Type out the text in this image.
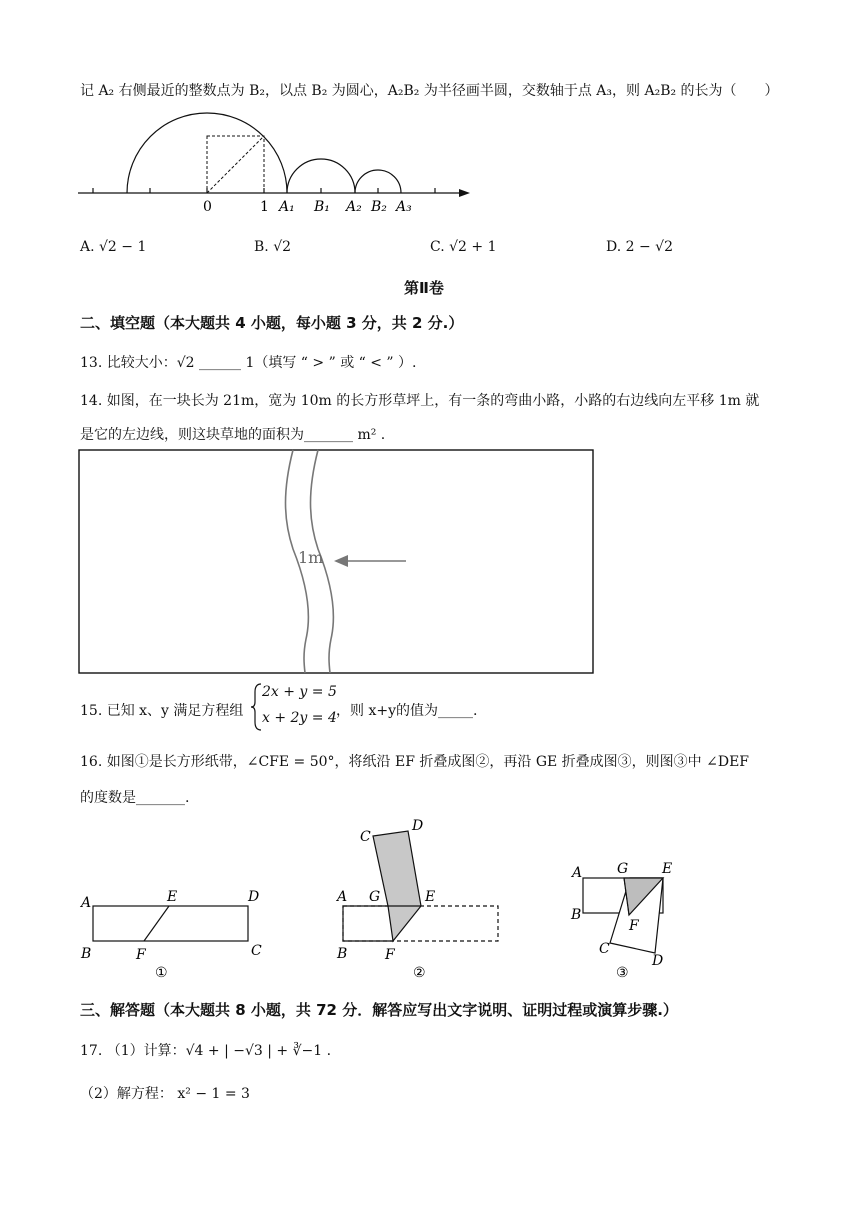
记 A₂ 右侧最近的整数点为 B₂，以点 B₂ 为圆心，A₂B₂ 为半径画半圆，交数轴于点 A₃，则 A₂B₂ 的长为（　　）
0	1 A₁ B₁ A₂ B₂ A₃
A. √2 − 1	B. √2	C. √2 + 1	D. 2 − √2
第Ⅱ卷
二、填空题（本大题共 4 小题，每小题 3 分，共 2 分.）
13. 比较大小：√2 ______ 1（填写 “ > ” 或 “ < ” ）.
14. 如图，在一块长为 21m，宽为 10m 的长方形草坪上，有一条的弯曲小路，小路的右边线向左平移 1m 就
是它的左边线，则这块草地的面积为_______ m² .
1m
15. 已知 x、y 满足方程组
2x + y = 5
x + 2y = 4 ，则 x+y的值为_____.
16. 如图①是长方形纸带，∠CFE = 50°，将纸沿 EF 折叠成图②，再沿 GE 折叠成图③，则图③中 ∠DEF
的度数是_______.
A	E	D
B	F	C
①
C
D
A G	E
B	F
②
A G E
B
F
C
D
③
三、解答题（本大题共 8 小题，共 72 分．解答应写出文字说明、证明过程或演算步骤.）
17. （1）计算：√4 + | −√3 | + ∛−1 .
（2）解方程： x² − 1 = 3
